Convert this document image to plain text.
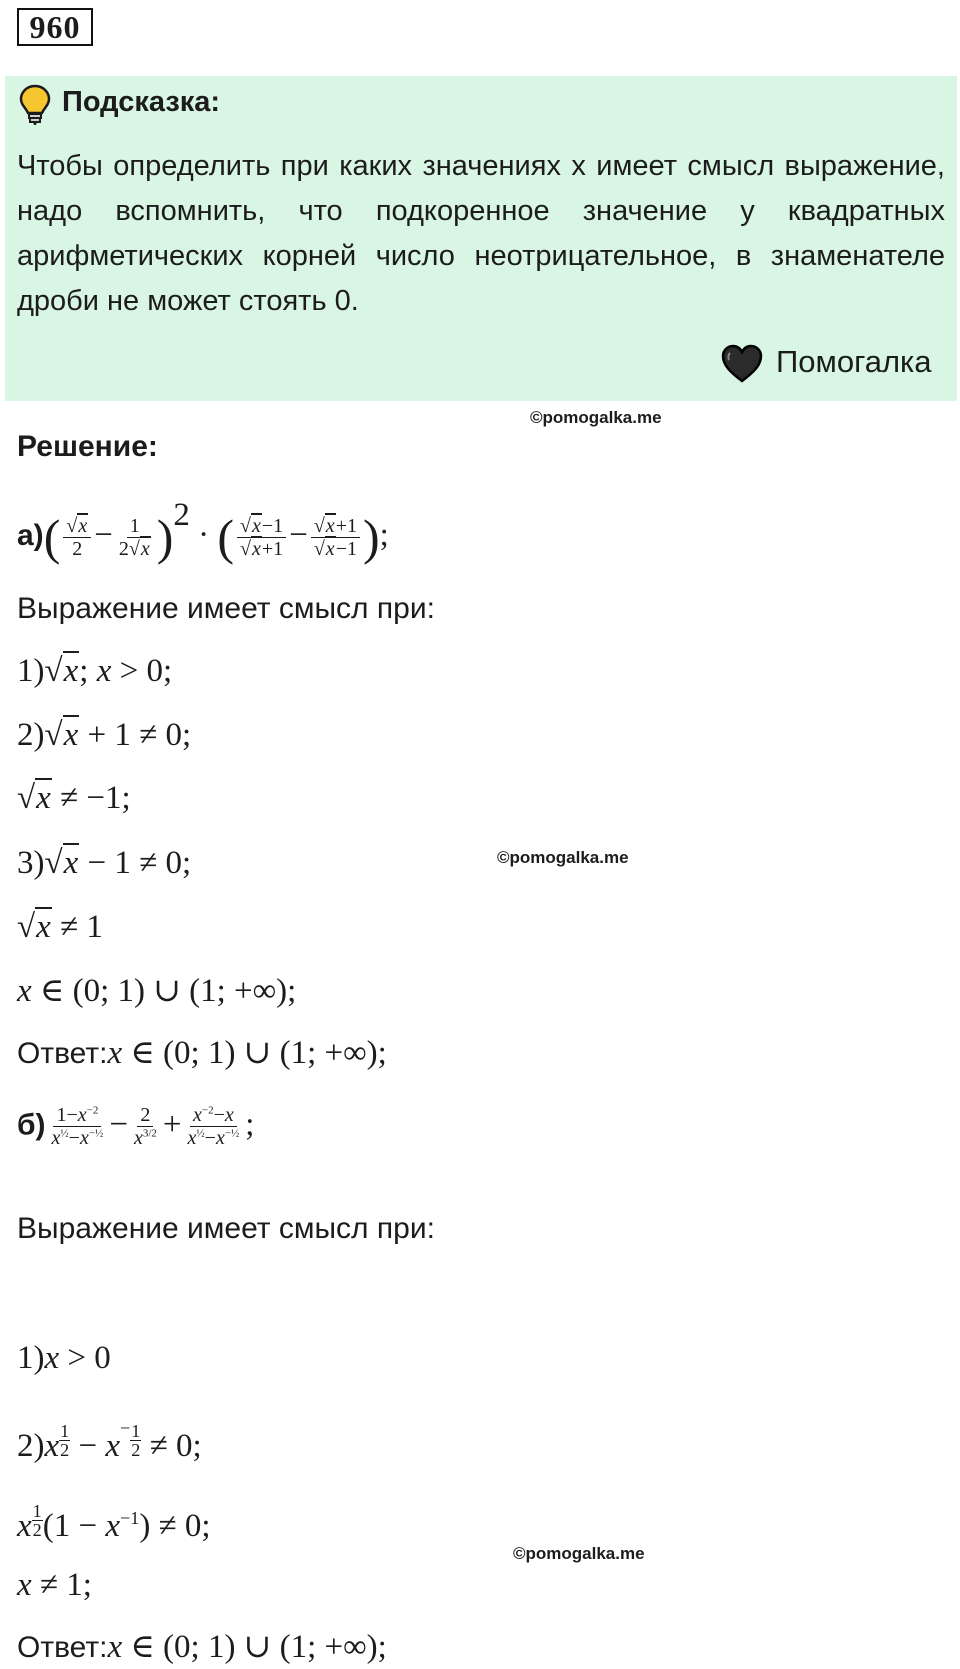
960
Подсказка:
Чтобы определить при каких значениях x имеет смысл выражение, надо вспомнить, что подкоренное значение у квадратных арифметических корней число неотрицательное, в знаменателе дроби не может стоять 0.
Помогалка
©pomogalka.me
©pomogalka.me
©pomogalka.me
Решение:
$а)( \frac{√x}{2} - \frac{1}{2√x} )^2$ · ( $\frac{√x-1}{√x+1} - \frac{√x+1}{√x-1}$ );
Выражение имеет смысл при:
1)√x; x > 0;
2)√x + 1 ≠ 0;
√x ≠ −1;
3)√x − 1 ≠ 0;
√x ≠ 1
x ∈ (0; 1) ∪ (1; +∞);
Ответ:x ∈ (0; 1) ∪ (1; +∞);
$б) \frac{1-x^{-2}}{x^{\frac{1}{2}}-x^{-\frac{1}{2}}} - \frac{2}{x^{3/2}} + \frac{x^{-2}-x}{x^{\frac{1}{2}}-x^{-\frac{1}{2}}}$ ;
Выражение имеет смысл при:
1)x > 0
$2)x \frac{1}{2} - x^- \frac{1}{2} \ne 0$;
x $\frac{1}{2} (1 - x^{-1}) \ne 0$;
x ≠ 1;
Ответ:x ∈ (0; 1) ∪ (1; +∞);
